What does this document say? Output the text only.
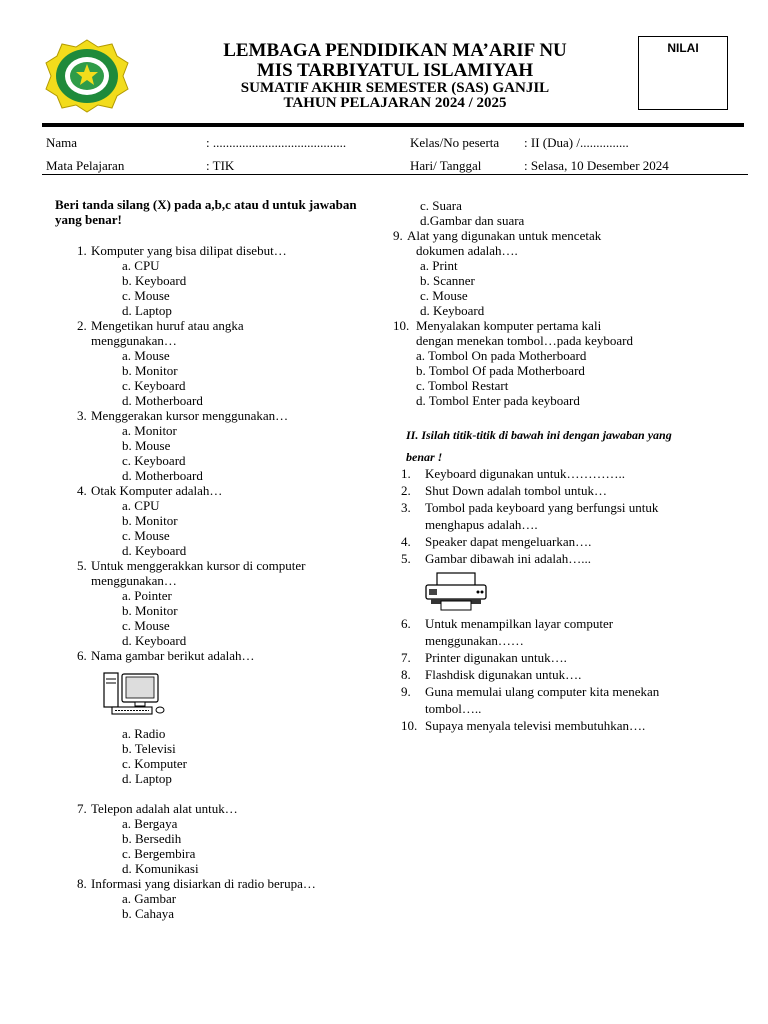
LEMBAGA PENDIDIKAN MA’ARIF NU
MIS TARBIYATUL ISLAMIYAH
SUMATIF AKHIR SEMESTER (SAS) GANJIL
TAHUN PELAJARAN 2024 / 2025
NILAI
Nama	: .........................................	Kelas/No peserta : II (Dua) /...............
Mata Pelajaran	: TIK	Hari/ Tanggal	: Selasa, 10 Desember 2024
Beri tanda silang (X) pada a,b,c atau d untuk jawaban
yang benar!
1. Komputer yang bisa dilipat disebut…
a. CPU
b. Keyboard
c. Mouse
d. Laptop
2. Mengetikan huruf atau angka
menggunakan…
a. Mouse
b. Monitor
c. Keyboard
d. Motherboard
3. Menggerakan kursor menggunakan…
a. Monitor
b. Mouse
c. Keyboard
d. Motherboard
4. Otak Komputer adalah…
a. CPU
b. Monitor
c. Mouse
d. Keyboard
5. Untuk menggerakkan kursor di computer
menggunakan…
a. Pointer
b. Monitor
c. Mouse
d. Keyboard
6. Nama gambar berikut adalah…
a. Radio
b. Televisi
c. Komputer
d. Laptop
7. Telepon adalah alat untuk…
a. Bergaya
b. Bersedih
c. Bergembira
d. Komunikasi
8. Informasi yang disiarkan di radio berupa…
a. Gambar
b. Cahaya
c. Suara
d.Gambar dan suara
9. Alat yang digunakan untuk mencetak
dokumen adalah….
a. Print
b. Scanner
c. Mouse
d. Keyboard
10. Menyalakan komputer pertama kali
dengan menekan tombol…pada keyboard
a. Tombol On pada Motherboard
b. Tombol Of pada Motherboard
c. Tombol Restart
d. Tombol Enter pada keyboard
II. Isilah titik-titik di bawah ini dengan jawaban yang
benar !
1.	Keyboard digunakan untuk…………..
2.	Shut Down adalah tombol untuk…
3.	Tombol pada keyboard yang berfungsi untuk
menghapus adalah….
4.	Speaker dapat mengeluarkan….
5.	Gambar dibawah ini adalah…...
6.	Untuk menampilkan layar computer
menggunakan……
7.	Printer digunakan untuk….
8.	Flashdisk digunakan untuk….
9.	Guna memulai ulang computer kita menekan
tombol…..
10. Supaya menyala televisi membutuhkan….
